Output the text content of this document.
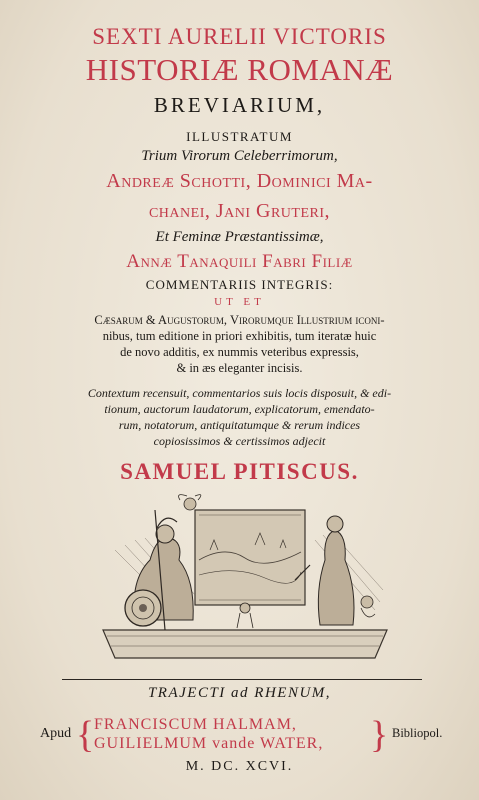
SEXTI AURELII VICTORIS
HISTORIÆ ROMANÆ
BREVIARIUM,
ILLUSTRATUM
Trium Virorum Celeberrimorum,
Andreæ Schotti, Dominici Ma-
chanei, Jani Gruteri,
Et Feminæ Præstantissimæ,
Annæ Tanaquili Fabri Filiæ
COMMENTARIIS INTEGRIS:
UT ET
Cæsarum & Augustorum, Virorumque Illustrium iconi-
nibus, tum editione in priori exhibitis, tum iteratæ huic
de novo additis, ex nummis veteribus expressis,
& in æs eleganter incisis.
Contextum recensuit, commentarios suis locis disposuit, & edi-
tionum, auctorum laudatorum, explicatorum, emendato-
rum, notatorum, antiquitatumque & rerum indices
copiosissimos & certissimos adjecit
SAMUEL PITISCUS.
TRAJECTI ad RHENUM,
Apud { FRANCISCUM HALMAM,
GUILIELMUM vande WATER,	} Bibliopol.
M. DC. XCVI.
